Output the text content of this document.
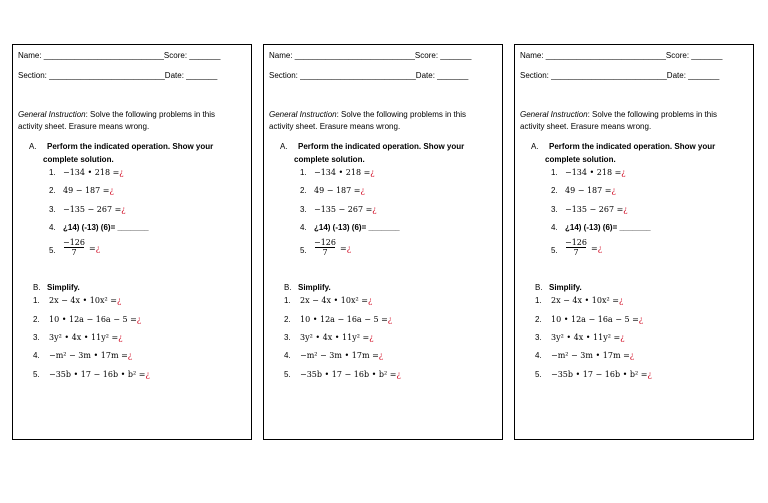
Name: ___________________________Score: _______
Section: __________________________Date: _______
General Instruction: Solve the following problems in this
activity sheet. Erasure means wrong.
A. Perform the indicated operation. Show your
complete solution.
1. −134 • 218 =¿
2. 49 − 187 =¿
3. −135 − 267 =¿
4. ¿14) (-13) (6)= _______
5.
−126
7	=¿
B. Simplify.
1. 2x − 4x • 10x² =¿
2. 10 • 12a − 16a − 5 =¿
3. 3y² • 4x • 11y² =¿
4. −m² − 3m • 17m =¿
5. −35b • 17 − 16b • b² =¿
Name: ___________________________Score: _______
Section: __________________________Date: _______
General Instruction: Solve the following problems in this
activity sheet. Erasure means wrong.
A. Perform the indicated operation. Show your
complete solution.
1. −134 • 218 =¿
2. 49 − 187 =¿
3. −135 − 267 =¿
4. ¿14) (-13) (6)= _______
5.
−126
7	=¿
B. Simplify.
1. 2x − 4x • 10x² =¿
2. 10 • 12a − 16a − 5 =¿
3. 3y² • 4x • 11y² =¿
4. −m² − 3m • 17m =¿
5. −35b • 17 − 16b • b² =¿
Name: ___________________________Score: _______
Section: __________________________Date: _______
General Instruction: Solve the following problems in this
activity sheet. Erasure means wrong.
A. Perform the indicated operation. Show your
complete solution.
1. −134 • 218 =¿
2. 49 − 187 =¿
3. −135 − 267 =¿
4. ¿14) (-13) (6)= _______
5.
−126
7	=¿
B. Simplify.
1. 2x − 4x • 10x² =¿
2. 10 • 12a − 16a − 5 =¿
3. 3y² • 4x • 11y² =¿
4. −m² − 3m • 17m =¿
5. −35b • 17 − 16b • b² =¿
